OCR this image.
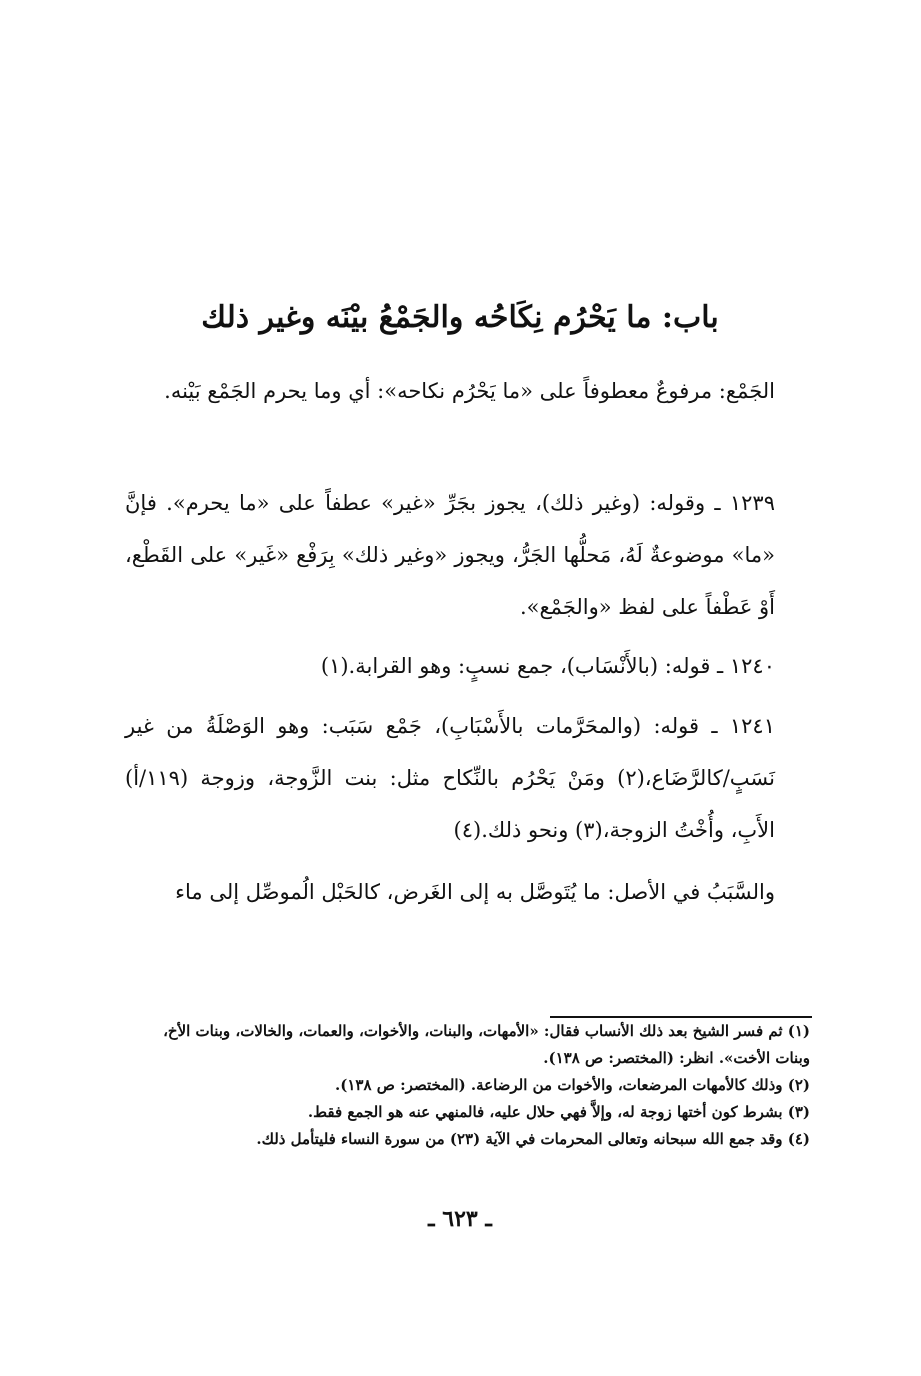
باب: ما يَحْرُم نِكَاحُه والجَمْعُ بيْنَه وغير ذلك

الجَمْع: مرفوعٌ معطوفاً على «ما يَحْرُم نكاحه»: أي وما يحرم الجَمْع بَيْنه.

١٢٣٩ ـ وقوله: (وغير ذلك)، يجوز بجَرِّ «غير» عطفاً على «ما يحرم». فإنَّ «ما» موضوعةٌ لَهُ، مَحلُّها الجَرُّ، ويجوز «وغير ذلك» بِرَفْع «غَير» على القَطْع، أَوْ عَطْفاً على لفظ «والجَمْع».

١٢٤٠ ـ قوله: (بالأَنْسَاب)، جمع نسبٍ: وهو القرابة.(١)

١٢٤١ ـ قوله: (والمحَرَّمات بالأَسْبَابِ)، جَمْع سَبَب: وهو الوَصْلَةُ من غير نَسَبٍ/كالرَّضَاع،(٢) ومَنْ يَحْرُم بالنِّكاح مثل: بنت الزَّوجة، وزوجة (١١٩/أ) الأَبِ، وأُخْتُ الزوجة،(٣) ونحو ذلك.(٤)

والسَّبَبُ في الأصل: ما يُتَوصَّل به إلى الغَرض، كالحَبْل الُموصِّل إلى ماء

(١) ثم فسر الشيخ بعد ذلك الأنساب فقال: «الأمهات، والبنات، والأخوات، والعمات، والخالات، وبنات الأخ، وبنات الأخت». انظر: (المختصر: ص ١٣٨).
(٢) وذلك كالأمهات المرضعات، والأخوات من الرضاعة. (المختصر: ص ١٣٨).
(٣) بشرط كون أختها زوجة له، وإلاَّ فهي حلال عليه، فالمنهي عنه هو الجمع فقط.
(٤) وقد جمع الله سبحانه وتعالى المحرمات في الآية (٢٣) من سورة النساء فليتأمل ذلك.
ـ ٦٢٣ ـ
